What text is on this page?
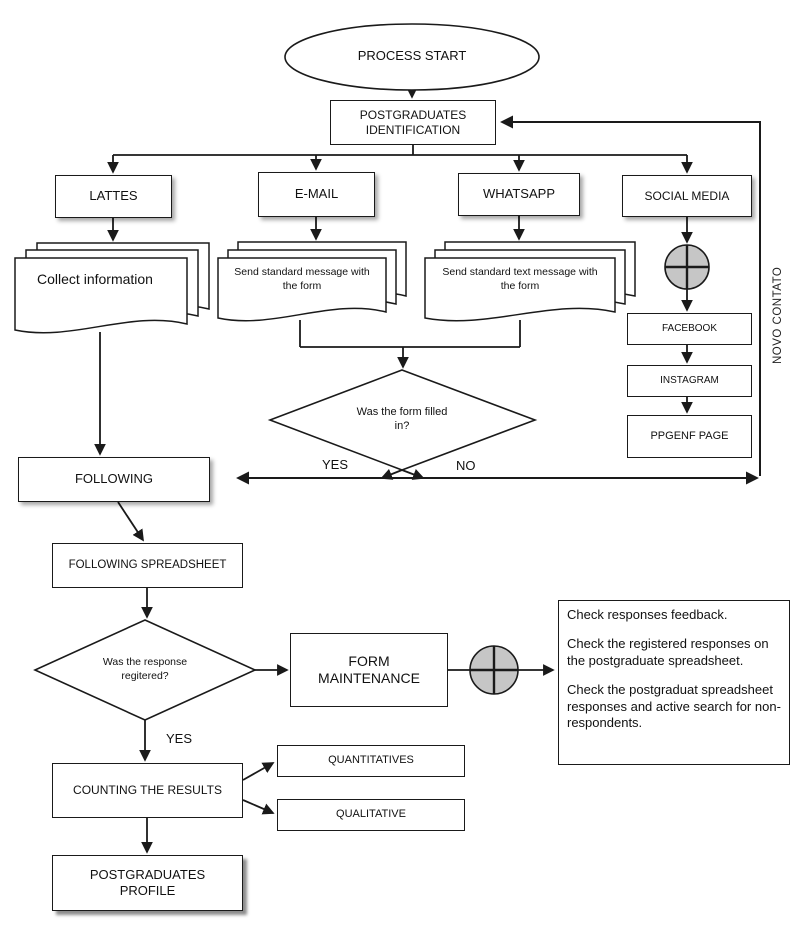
PROCESS START
Collect information	Send standard message with the form
Send standard text message with the form
Was the form filled in?
Was the response regitered?
POSTGRADUATES IDENTIFICATION
LATTES	E-MAIL	WHATSAPP	SOCIAL MEDIA
FACEBOOK
INSTAGRAM
PPGENF PAGE
FOLLOWING
FOLLOWING SPREADSHEET
FORM MAINTENANCE
COUNTING THE RESULTS
QUANTITATIVES
QUALITATIVE
POSTGRADUATES PROFILE
YES	NO
YES
NOVO CONTATO

Check responses feedback.

Check the registered responses on the postgraduate spreadsheet.

Check the postgraduat spreadsheet responses and active search for non-respondents.
